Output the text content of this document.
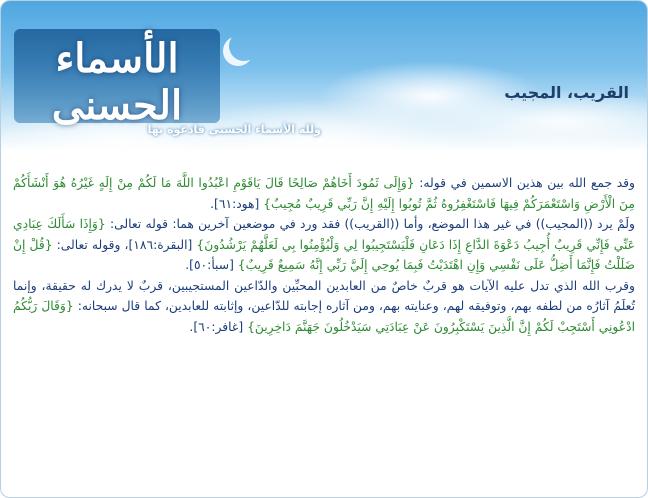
الأسماء الحسنى
ولله الأسماء الحسنى فادعوه بها
القريب، المجيب

وقد جمع الله بين هذين الاسمين في قوله: {وَإِلَى ثَمُودَ أَخَاهُمْ صَالِحًا قَالَ يَاقَوْمِ اعْبُدُوا اللَّهَ مَا لَكُمْ مِنْ إِلَهٍ غَيْرُهُ هُوَ أَنْشَأَكُمْ مِنَ الْأَرْضِ وَاسْتَعْمَرَكُمْ فِيهَا فَاسْتَغْفِرُوهُ ثُمَّ تُوبُوا إِلَيْهِ إِنَّ رَبِّي قَرِيبٌ مُجِيبٌ} [هود:٦١].

ولَمْ يرد ((المجيب)) في غير هذا الموضع، وأما ((القريب)) فقد ورد في موضعين آخرين هما: قوله تعالى: {وَإِذَا سَأَلَكَ عِبَادِي عَنِّي فَإِنِّي قَرِيبٌ أُجِيبُ دَعْوَةَ الدَّاعِ إِذَا دَعَانِ فَلْيَسْتَجِيبُوا لِي وَلْيُؤْمِنُوا بِي لَعَلَّهُمْ يَرْشُدُونَ} [البقرة:١٨٦]، وقوله تعالى: {قُلْ إِنْ ضَلَلْتُ فَإِنَّمَا أَضِلُّ عَلَى نَفْسِي وَإِنِ اهْتَدَيْتُ فَبِمَا يُوحِي إِلَيَّ رَبِّي إِنَّهُ سَمِيعٌ قَرِيبٌ} [سبأ:٥٠].

وقرب الله الذي تدل عليه الآيات هو قربٌ خاصٌ من العابدين المحبِّين والدّاعين المستجيبين، قربٌ لا يدرك له حقيقة، وإنما تُعلَمُ آثارُه من لطفه بهم، وتوفيقه لهم، وعنايته بهم، ومن آثاره إجابته للدّاعين، وإثابته للعابدين، كما قال سبحانه: {وَقَالَ رَبُّكُمُ ادْعُونِي أَسْتَجِبْ لَكُمْ إِنَّ الَّذِينَ يَسْتَكْبِرُونَ عَنْ عِبَادَتِي سَيَدْخُلُونَ جَهَنَّمَ دَاخِرِينَ} [غافر:٦٠].
